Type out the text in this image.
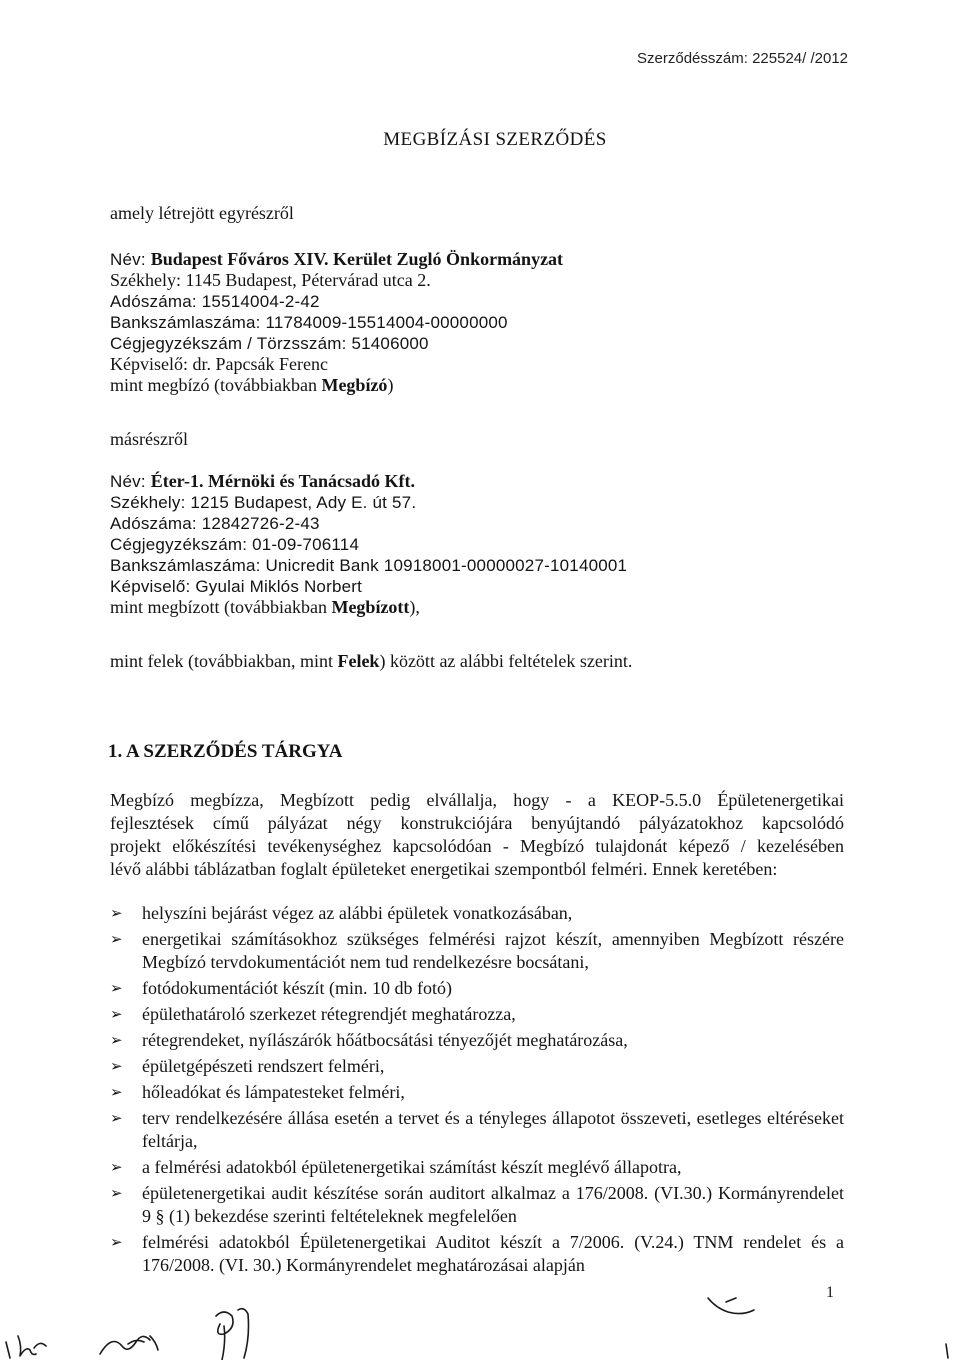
Szerződésszám: 225524/ /2012
MEGBÍZÁSI SZERZŐDÉS
amely létrejött egyrészről
Név: Budapest Főváros XIV. Kerület Zugló Önkormányzat
Székhely: 1145 Budapest, Pétervárad utca 2.
Adószáma: 15514004-2-42
Bankszámlaszáma: 11784009-15514004-00000000
Cégjegyzékszám / Törzsszám: 51406000
Képviselő: dr. Papcsák Ferenc
mint megbízó (továbbiakban Megbízó)
másrészről
Név: Éter-1. Mérnöki és Tanácsadó Kft.
Székhely: 1215 Budapest, Ady E. út 57.
Adószáma: 12842726-2-43
Cégjegyzékszám: 01-09-706114
Bankszámlaszáma: Unicredit Bank 10918001-00000027-10140001
Képviselő: Gyulai Miklós Norbert
mint megbízott (továbbiakban Megbízott),
mint felek (továbbiakban, mint Felek) között az alábbi feltételek szerint.
1. A SZERZŐDÉS TÁRGYA
Megbízó megbízza, Megbízott pedig elvállalja, hogy - a KEOP-5.5.0 Épületenergetikai
fejlesztések című pályázat négy konstrukciójára benyújtandó pályázatokhoz kapcsolódó
projekt előkészítési tevékenységhez kapcsolódóan - Megbízó tulajdonát képező / kezelésében
lévő alábbi táblázatban foglalt épületeket energetikai szempontból felméri. Ennek keretében:
➢	helyszíni bejárást végez az alábbi épületek vonatkozásában,
➢	energetikai számításokhoz szükséges felmérési rajzot készít, amennyiben Megbízott részére Megbízó tervdokumentációt nem tud rendelkezésre bocsátani,
➢	fotódokumentációt készít (min. 10 db fotó)
➢	épülethatároló szerkezet rétegrendjét meghatározza,
➢	rétegrendeket, nyílászárók hőátbocsátási tényezőjét meghatározása,
➢	épületgépészeti rendszert felméri,
➢	hőleadókat és lámpatesteket felméri,
➢	terv rendelkezésére állása esetén a tervet és a tényleges állapotot összeveti, esetleges eltéréseket feltárja,
➢	a felmérési adatokból épületenergetikai számítást készít meglévő állapotra,
➢	épületenergetikai audit készítése során auditort alkalmaz a 176/2008. (VI.30.) Kormányrendelet 9 § (1) bekezdése szerinti feltételeknek megfelelően
➢	felmérési adatokból Épületenergetikai Auditot készít a 7/2006. (V.24.) TNM rendelet és a 176/2008. (VI. 30.) Kormányrendelet meghatározásai alapján
1
